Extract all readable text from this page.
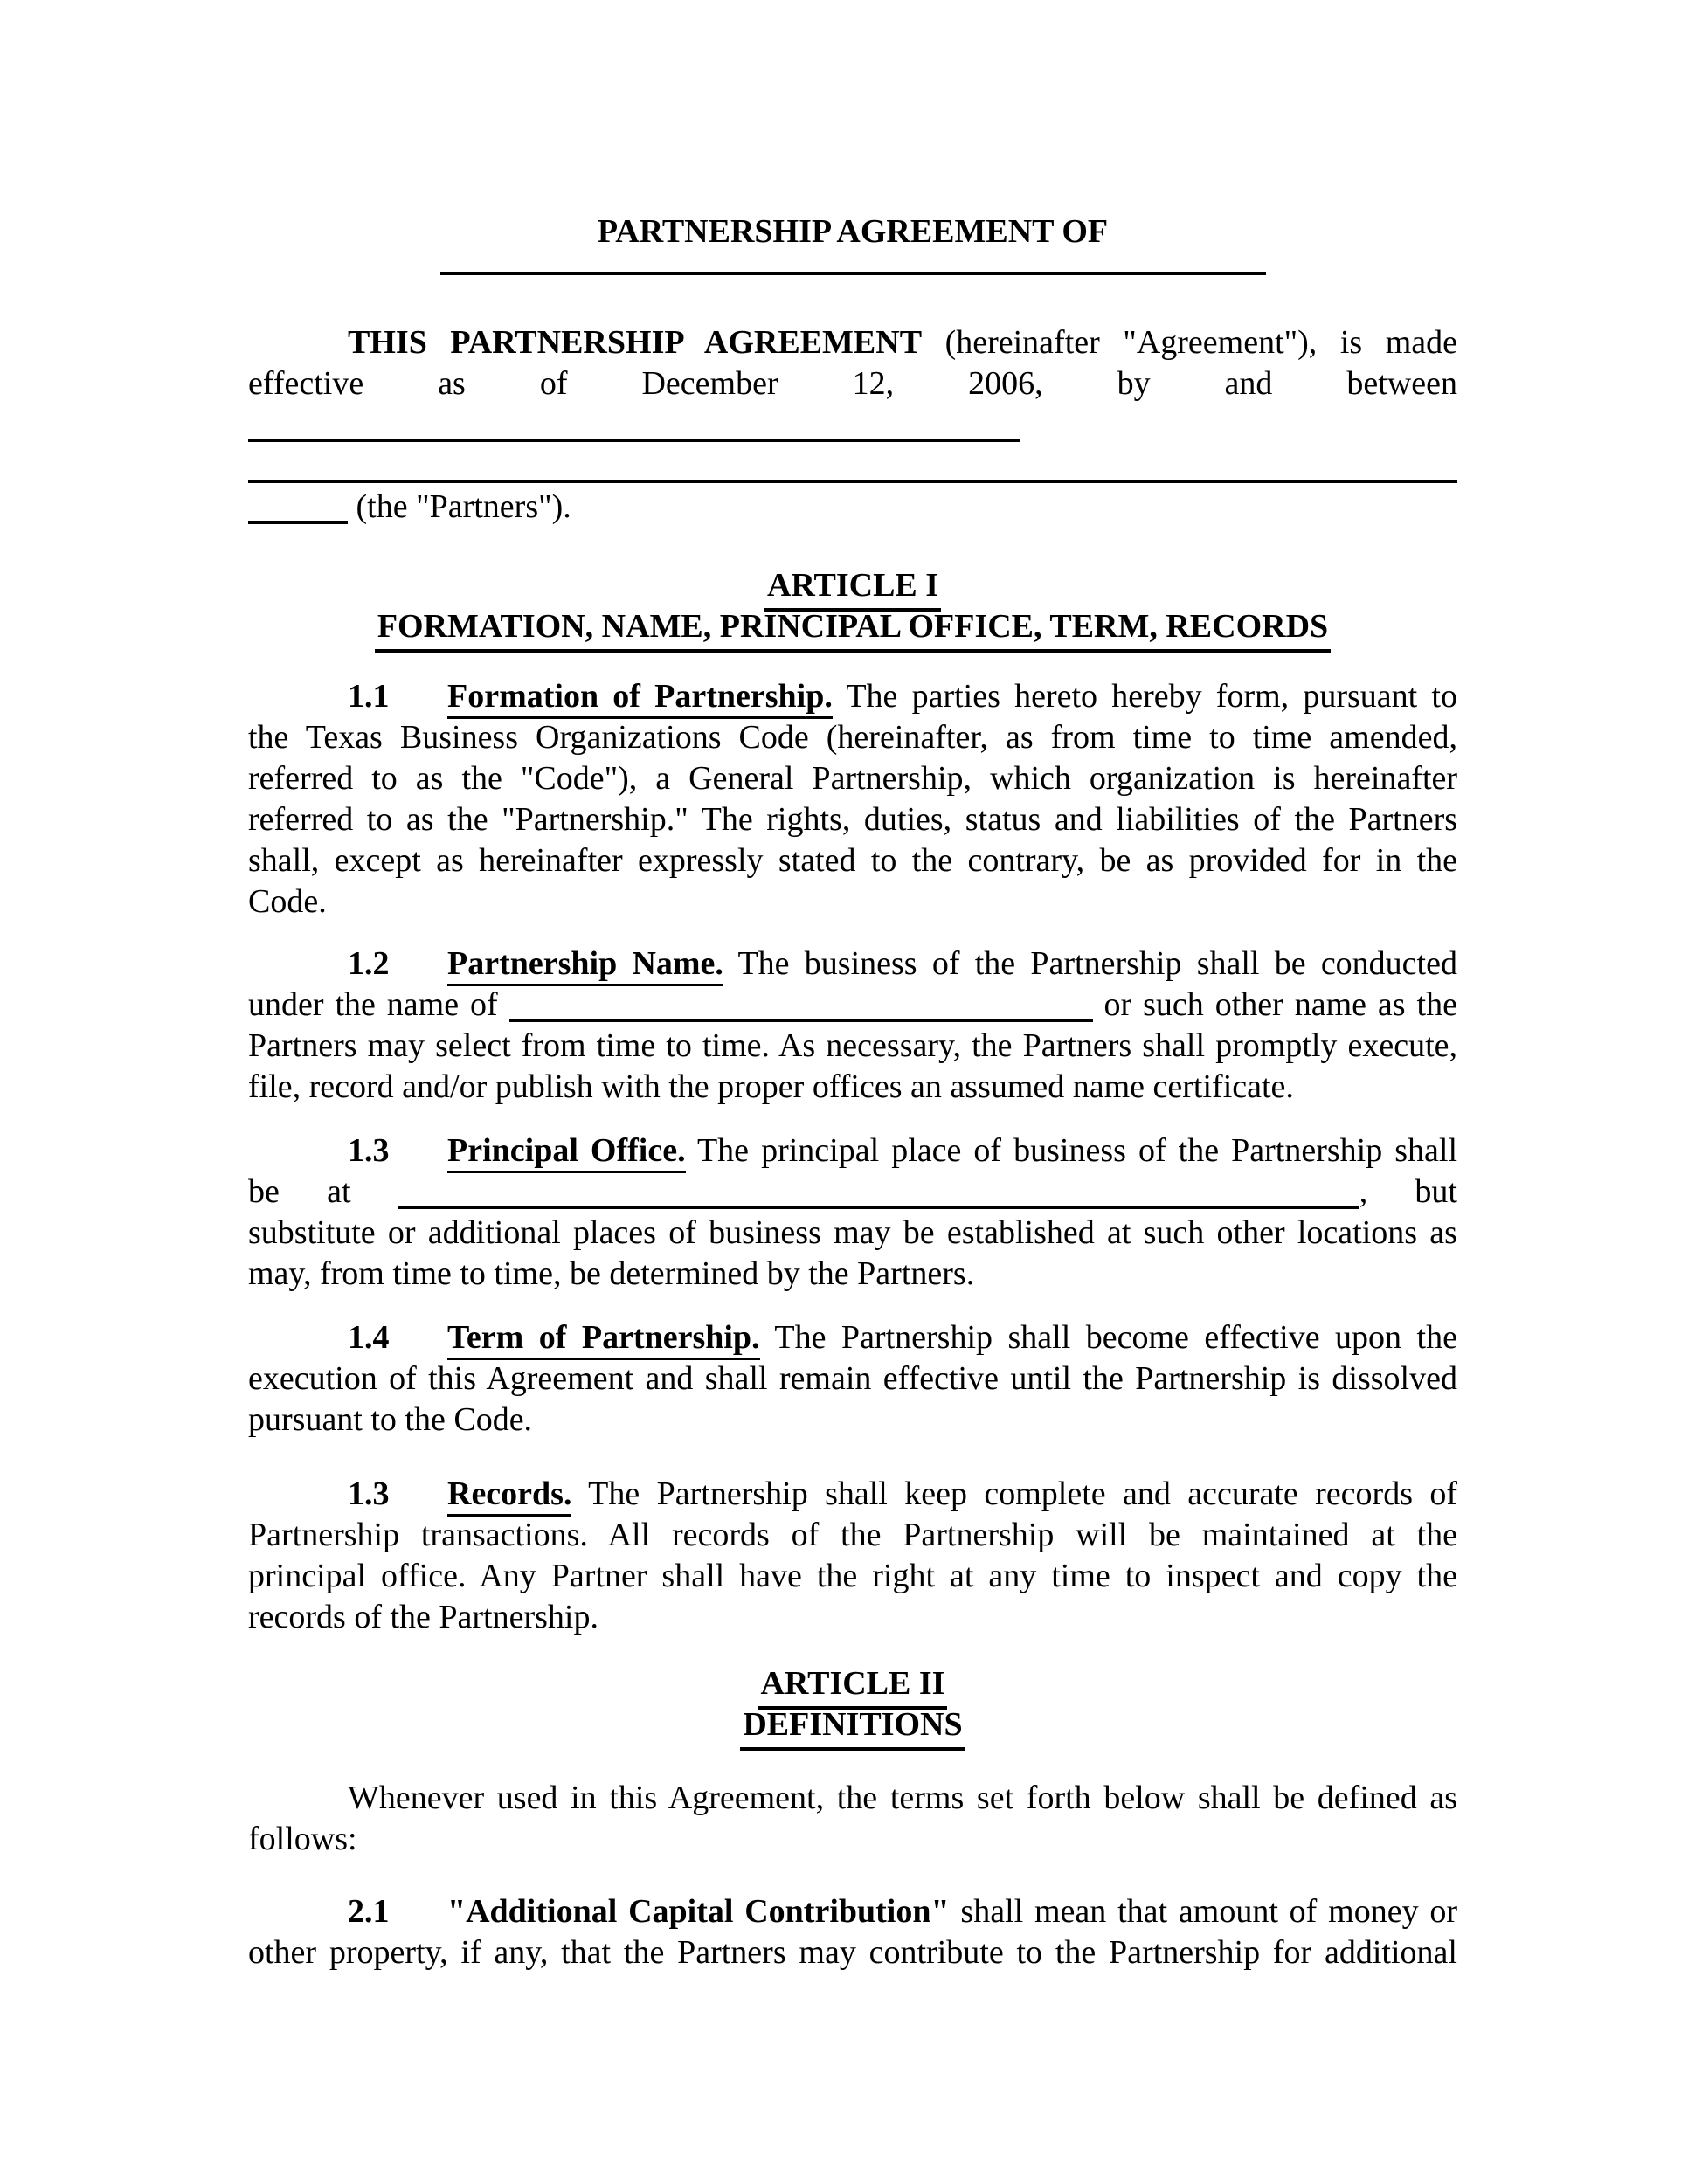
PARTNERSHIP AGREEMENT OF
THIS PARTNERSHIP AGREEMENT (hereinafter "Agreement"), is made
effective as of December 12, 2006, by and between
(the "Partners").
ARTICLE I
FORMATION, NAME, PRINCIPAL OFFICE, TERM, RECORDS
1.1 Formation of Partnership. The parties hereto hereby form, pursuant to
the Texas Business Organizations Code (hereinafter, as from time to time amended,
referred to as the "Code"), a General Partnership, which organization is hereinafter
referred to as the "Partnership." The rights, duties, status and liabilities of the Partners
shall, except as hereinafter expressly stated to the contrary, be as provided for in the
Code.
1.2 Partnership Name. The business of the Partnership shall be conducted
under the name of	or such other name as the
Partners may select from time to time. As necessary, the Partners shall promptly execute,
file, record and/or publish with the proper offices an assumed name certificate.
1.3 Principal Office. The principal place of business of the Partnership shall
be at	, but
substitute or additional places of business may be established at such other locations as
may, from time to time, be determined by the Partners.
1.4 Term of Partnership. The Partnership shall become effective upon the
execution of this Agreement and shall remain effective until the Partnership is dissolved
pursuant to the Code.
1.3 Records. The Partnership shall keep complete and accurate records of
Partnership transactions. All records of the Partnership will be maintained at the
principal office. Any Partner shall have the right at any time to inspect and copy the
records of the Partnership.
ARTICLE II
DEFINITIONS
Whenever used in this Agreement, the terms set forth below shall be defined as
follows:
2.1 "Additional Capital Contribution" shall mean that amount of money or
other property, if any, that the Partners may contribute to the Partnership for additional
